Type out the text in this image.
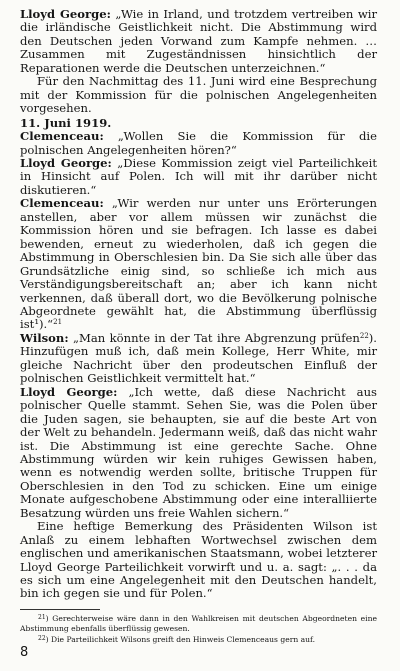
Lloyd George: „Wie in Irland, und trotzdem vertreiben wir die irländische Geistlichkeit nicht. Die Abstimmung wird den Deutschen jeden Vorwand zum Kampfe nehmen. … Zusammen mit Zugeständnissen hinsichtlich der Reparationen werde die Deutschen unterzeichnen.“

Für den Nachmittag des 11. Juni wird eine Besprechung mit der Kommission für die polnischen Angelegenheiten vorgesehen.

11. Juni 1919.

Clemenceau: „Wollen Sie die Kommission für die polnischen Angelegenheiten hören?“

Lloyd George: „Diese Kommission zeigt viel Parteilichkeit in Hinsicht auf Polen. Ich will mit ihr darüber nicht diskutieren.“

Clemenceau: „Wir werden nur unter uns Erörterungen anstellen, aber vor allem müssen wir zunächst die Kommission hören und sie befragen. Ich lasse es dabei bewenden, erneut zu wiederholen, daß ich gegen die Abstimmung in Oberschlesien bin. Da Sie sich alle über das Grundsätzliche einig sind, so schließe ich mich aus Verständigungsbereitschaft an; aber ich kann nicht verkennen, daß überall dort, wo die Bevölkerung polnische Abgeordnete gewählt hat, die Abstimmung überflüssig ist¹).“$^{21}$

Wilson: „Man könnte in der Tat ihre Abgrenzung prüfen$^{22}$). Hinzufügen muß ich, daß mein Kollege, Herr White, mir gleiche Nachricht über den prodeutschen Einfluß der polnischen Geistlichkeit vermittelt hat.“

Lloyd George: „Ich wette, daß diese Nachricht aus polnischer Quelle stammt. Sehen Sie, was die Polen über die Juden sagen, sie behaupten, sie auf die beste Art von der Welt zu behandeln. Jedermann weiß, daß das nicht wahr ist. Die Abstimmung ist eine gerechte Sache. Ohne Abstimmung würden wir kein ruhiges Gewissen haben, wenn es notwendig werden sollte, britische Truppen für Oberschlesien in den Tod zu schicken. Eine um einige Monate aufgeschobene Abstimmung oder eine interalliierte Besatzung würden uns freie Wahlen sichern.“

Eine heftige Bemerkung des Präsidenten Wilson ist Anlaß zu einem lebhaften Wortwechsel zwischen dem englischen und amerikanischen Staatsmann, wobei letzterer Lloyd George Parteilichkeit vorwirft und u. a. sagt: „. . . da es sich um eine Angelegenheit mit den Deutschen handelt, bin ich gegen sie und für Polen.“

$^{21}$) Gerechterweise wäre dann in den Wahlkreisen mit deutschen Abgeordneten eine Abstimmung ebenfalls überflüssig gewesen.

$^{22}$) Die Parteilichkeit Wilsons greift den Hinweis Clemenceaus gern auf.

8
